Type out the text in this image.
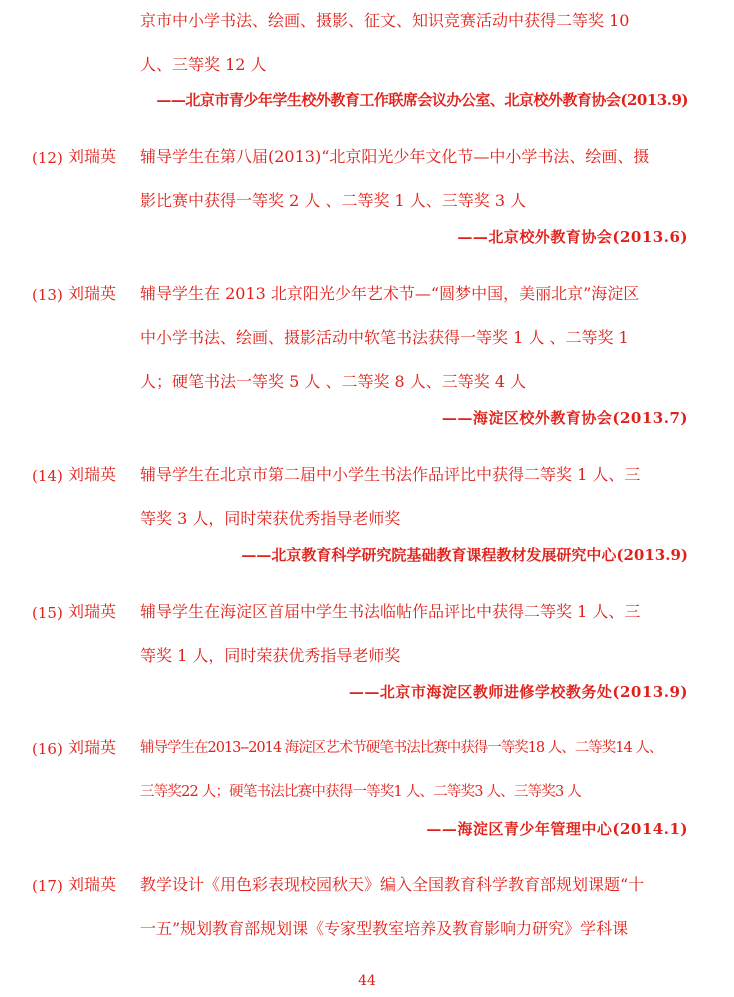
京市中小学书法、绘画、摄影、征文、知识竞赛活动中获得二等奖 10
人、三等奖 12 人
——北京市青少年学生校外教育工作联席会议办公室、北京校外教育协会(2013.9)
(12) 刘瑞英 辅导学生在第八届(2013)“北京阳光少年文化节—中小学书法、绘画、摄
影比赛中获得一等奖 2 人 、二等奖 1 人、三等奖 3 人
——北京校外教育协会(2013.6)
(13) 刘瑞英 辅导学生在 2013 北京阳光少年艺术节—“圆梦中国，美丽北京”海淀区
中小学书法、绘画、摄影活动中软笔书法获得一等奖 1 人 、二等奖 1
人；硬笔书法一等奖 5 人 、二等奖 8 人、三等奖 4 人
——海淀区校外教育协会(2013.7)
(14) 刘瑞英 辅导学生在北京市第二届中小学生书法作品评比中获得二等奖 1 人、三
等奖 3 人，同时荣获优秀指导老师奖
——北京教育科学研究院基础教育课程教材发展研究中心(2013.9)
(15) 刘瑞英 辅导学生在海淀区首届中学生书法临帖作品评比中获得二等奖 1 人、三
等奖 1 人，同时荣获优秀指导老师奖
——北京市海淀区教师进修学校教务处(2013.9)
(16) 刘瑞英 辅导学生在2013--2014 海淀区艺术节硬笔书法比赛中获得一等奖18 人、二等奖14 人、
三等奖22 人；硬笔书法比赛中获得一等奖1 人、二等奖3 人、三等奖3 人
——海淀区青少年管理中心(2014.1)
(17) 刘瑞英 教学设计《用色彩表现校园秋天》编入全国教育科学教育部规划课题“十
一五”规划教育部规划课《专家型教室培养及教育影响力研究》学科课
44
